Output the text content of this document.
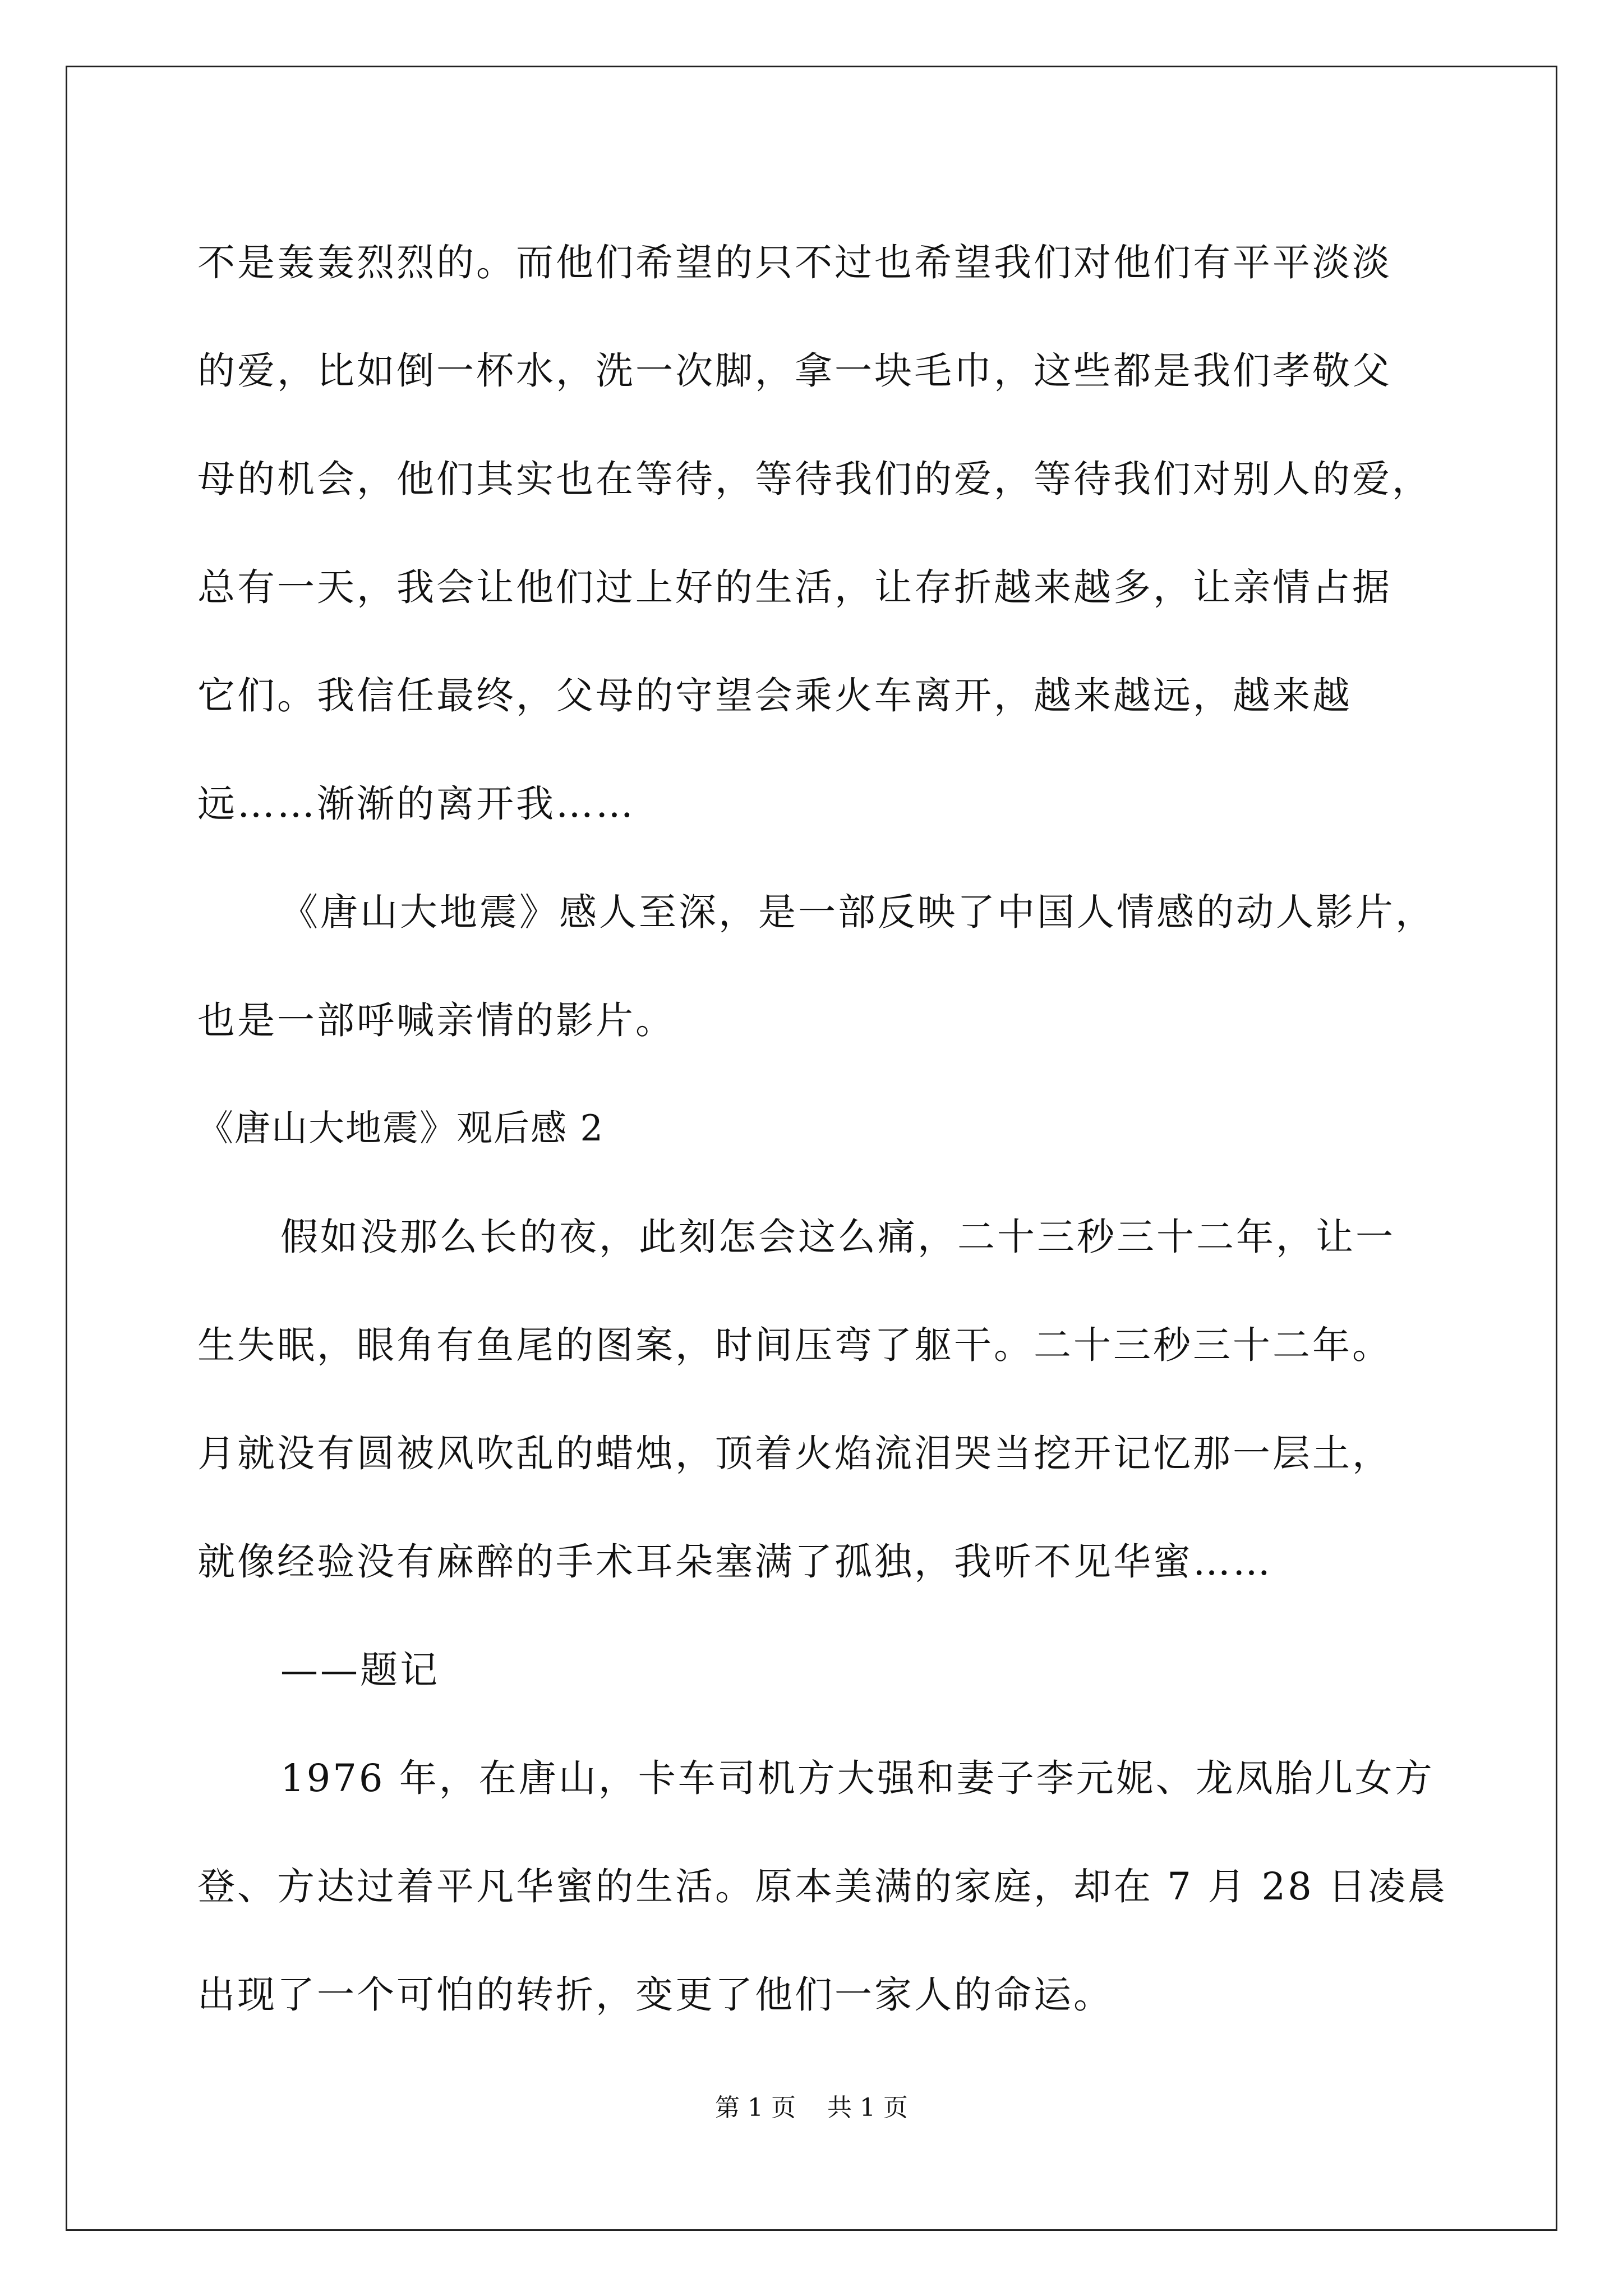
不是轰轰烈烈的。而他们希望的只不过也希望我们对他们有平平淡淡
的爱，比如倒一杯水，洗一次脚，拿一块毛巾，这些都是我们孝敬父
母的机会，他们其实也在等待，等待我们的爱，等待我们对别人的爱，
总有一天，我会让他们过上好的生活，让存折越来越多，让亲情占据
它们。我信任最终，父母的守望会乘火车离开，越来越远，越来越
远……渐渐的离开我……
《唐山大地震》感人至深，是一部反映了中国人情感的动人影片，
也是一部呼喊亲情的影片。
《唐山大地震》观后感 2
假如没那么长的夜，此刻怎会这么痛，二十三秒三十二年，让一
生失眠，眼角有鱼尾的图案，时间压弯了躯干。二十三秒三十二年。
月就没有圆被风吹乱的蜡烛，顶着火焰流泪哭当挖开记忆那一层土，
就像经验没有麻醉的手术耳朵塞满了孤独，我听不见华蜜……
——题记
1976 年，在唐山，卡车司机方大强和妻子李元妮、龙凤胎儿女方
登、方达过着平凡华蜜的生活。原本美满的家庭，却在 7 月 28 日凌晨
出现了一个可怕的转折，变更了他们一家人的命运。
第 1 页    共 1 页
